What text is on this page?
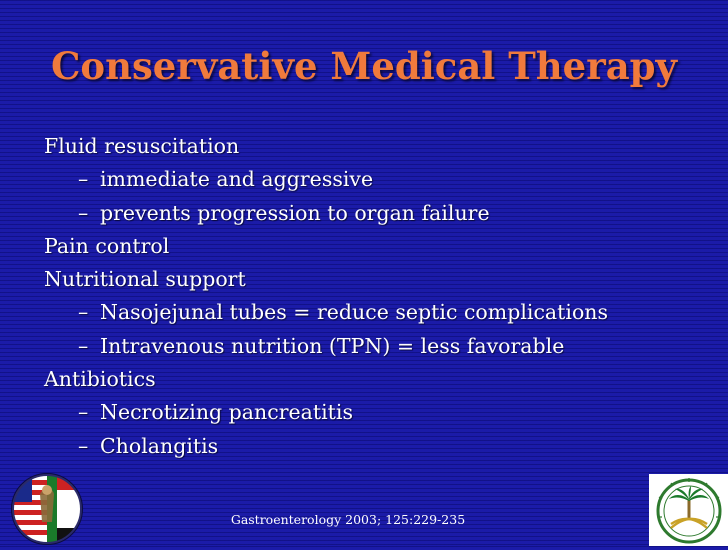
Conservative Medical Therapy
Fluid resuscitation
– immediate and aggressive
– prevents progression to organ failure
Pain control
Nutritional support
– Nasojejunal tubes = reduce septic complications
– Intravenous nutrition (TPN) = less favorable
Antibiotics
– Necrotizing pancreatitis
– Cholangitis
Gastroenterology 2003; 125:229-235
